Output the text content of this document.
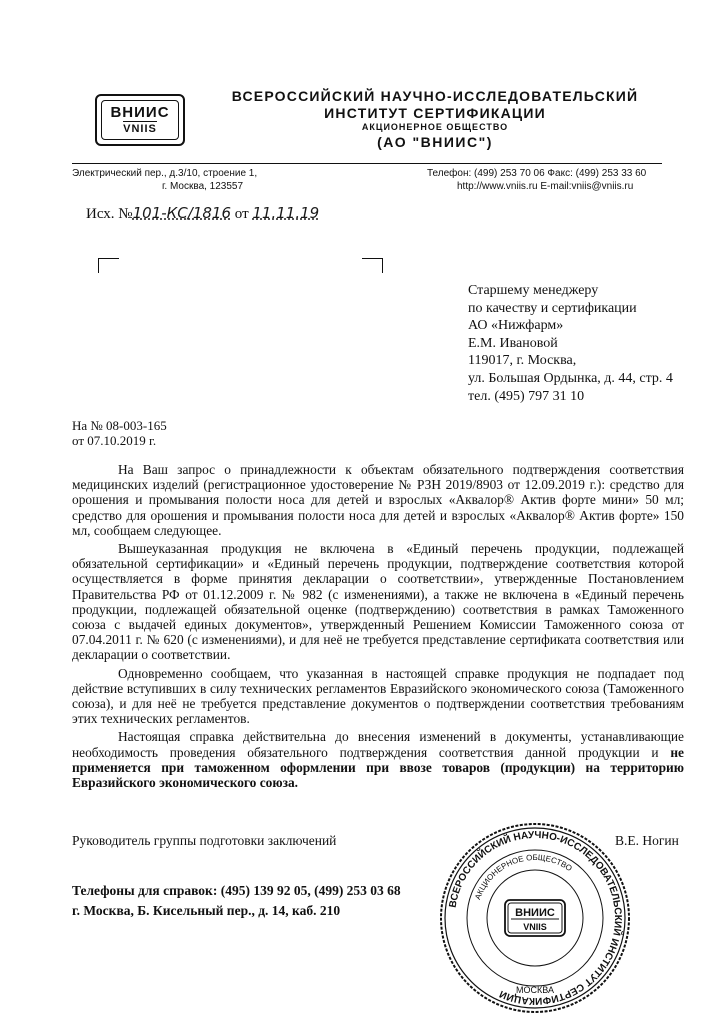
ВНИИС
VNIIS
ВСЕРОССИЙСКИЙ НАУЧНО-ИССЛЕДОВАТЕЛЬСКИЙ
ИНСТИТУТ СЕРТИФИКАЦИИ
АКЦИОНЕРНОЕ ОБЩЕСТВО
(АО "ВНИИС")
Электрический пер., д.3/10, строение 1,
г. Москва, 123557
Телефон: (499) 253 70 06 Факс: (499) 253 33 60
http://www.vniis.ru E-mail:vniis@vniis.ru
Исх. №101-КС/1816 от 11.11.19
Старшему менеджеру
по качеству и сертификации
АО «Нижфарм»
Е.М. Ивановой
119017, г. Москва,
ул. Большая Ордынка, д. 44, стр. 4
тел. (495) 797 31 10
На № 08-003-165
от 07.10.2019 г.

На Ваш запрос о принадлежности к объектам обязательного подтверждения соответствия медицинских изделий (регистрационное удостоверение № РЗН 2019/8903 от 12.09.2019 г.): средство для орошения и промывания полости носа для детей и взрослых «Аквалор® Актив форте мини» 50 мл; средство для орошения и промывания полости носа для детей и взрослых «Аквалор® Актив форте» 150 мл, сообщаем следующее.

Вышеуказанная продукция не включена в «Единый перечень продукции, подлежащей обязательной сертификации» и «Единый перечень продукции, подтверждение соответствия которой осуществляется в форме принятия декларации о соответствии», утвержденные Постановлением Правительства РФ от 01.12.2009 г. № 982 (с изменениями), а также не включена в «Единый перечень продукции, подлежащей обязательной оценке (подтверждению) соответствия в рамках Таможенного союза с выдачей единых документов», утвержденный Решением Комиссии Таможенного союза от 07.04.2011 г. № 620 (с изменениями), и для неё не требуется представление сертификата соответствия или декларации о соответствии.

Одновременно сообщаем, что указанная в настоящей справке продукция не подпадает под действие вступивших в силу технических регламентов Евразийского экономического союза (Таможенного союза), и для неё не требуется представление документов о подтверждении соответствия требованиям этих технических регламентов.

Настоящая справка действительна до внесения изменений в документы, устанавливающие необходимость проведения обязательного подтверждения соответствия данной продукции и не применяется при таможенном оформлении при ввозе товаров (продукции) на территорию Евразийского экономического союза.

Руководитель группы подготовки заключений	В.Е. Ногин
Телефоны для справок: (495) 139 92 05, (499) 253 03 68
г. Москва, Б. Кисельный пер., д. 14, каб. 210	ВСЕРОССИЙСКИЙ НАУЧНО-ИССЛЕДОВАТЕЛЬСКИЙ ИНСТИТУТ СЕРТИФИКАЦИИ
АКЦИОНЕРНОЕ ОБЩЕСТВО
МОСКВА
ВНИИС
VNIIS
